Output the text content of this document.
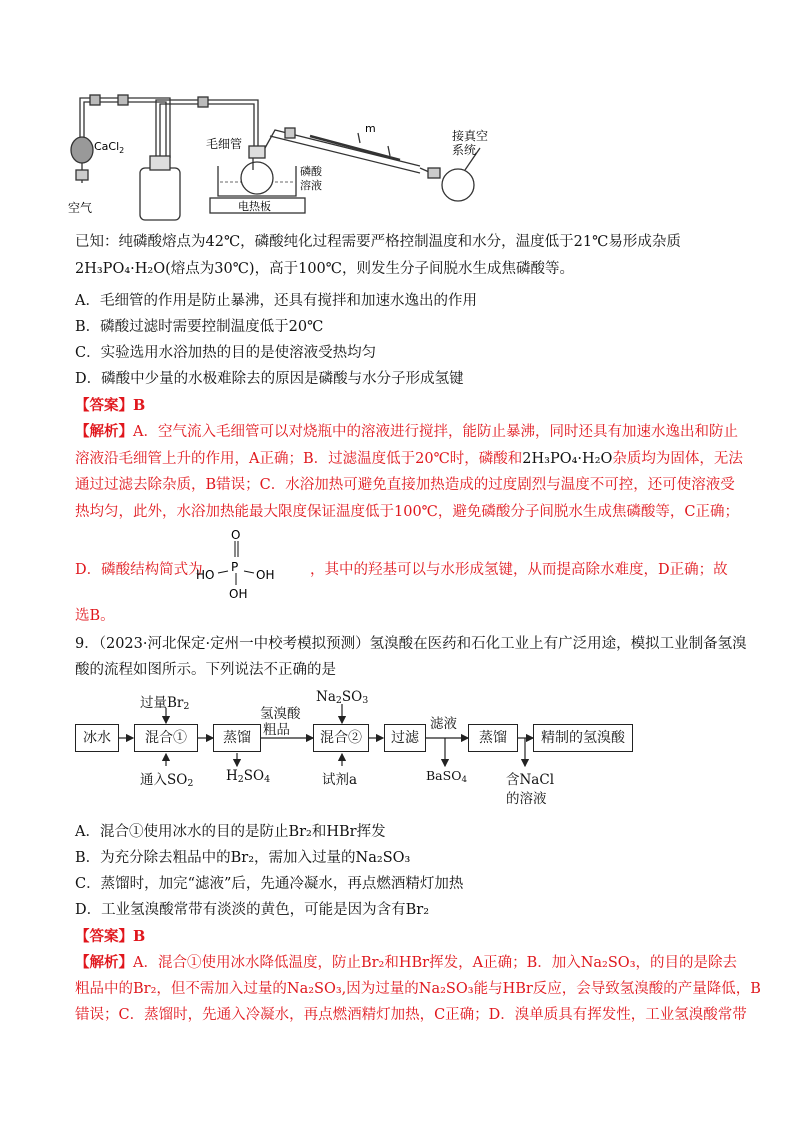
CaCl$_2$
空气
毛细管
m
接真空
系统
磷酸
溶液
电热板
已知：纯磷酸熔点为42℃，磷酸纯化过程需要严格控制温度和水分，温度低于21℃易形成杂质
2H₃PO₄·H₂O(熔点为30℃)，高于100℃，则发生分子间脱水生成焦磷酸等。
A．毛细管的作用是防止暴沸，还具有搅拌和加速水逸出的作用
B．磷酸过滤时需要控制温度低于20℃
C．实验选用水浴加热的目的是使溶液受热均匀
D．磷酸中少量的水极难除去的原因是磷酸与水分子形成氢键
【答案】B
【解析】A．空气流入毛细管可以对烧瓶中的溶液进行搅拌，能防止暴沸，同时还具有加速水逸出和防止
溶液沿毛细管上升的作用，A正确；B．过滤温度低于20℃时，磷酸和2H₃PO₄·H₂O杂质均为固体，无法
通过过滤去除杂质，B错误；C．水浴加热可避免直接加热造成的过度剧烈与温度不可控，还可使溶液受
热均匀，此外，水浴加热能最大限度保证温度低于100℃，避免磷酸分子间脱水生成焦磷酸等，C正确；
D．磷酸结构简式为
O
P
HO	OH
OH
，其中的羟基可以与水形成氢键，从而提高除水难度，D正确；故
选B。
9．（2023·河北保定·定州一中校考模拟预测）氢溴酸在医药和石化工业上有广泛用途，模拟工业制备氢溴
酸的流程如图所示。下列说法不正确的是
冰水	混合①	蒸馏	混合②	过滤	蒸馏	精制的氢溴酸
过量$Br_2$	氢溴酸
粗品
$Na_2SO_3$
滤液
通入$SO_2$ $H_2SO_4$	试剂a	BaSO$_4$	含NaCl
的溶液
A．混合①使用冰水的目的是防止Br₂和HBr挥发
B．为充分除去粗品中的Br₂，需加入过量的Na₂SO₃
C．蒸馏时，加完“滤液”后，先通冷凝水，再点燃酒精灯加热
D．工业氢溴酸常带有淡淡的黄色，可能是因为含有Br₂
【答案】B
【解析】A．混合①使用冰水降低温度，防止Br₂和HBr挥发，A正确；B．加入Na₂SO₃，的目的是除去
粗品中的Br₂，但不需加入过量的Na₂SO₃,因为过量的Na₂SO₃能与HBr反应，会导致氢溴酸的产量降低，B
错误；C．蒸馏时，先通入冷凝水，再点燃酒精灯加热，C正确；D．溴单质具有挥发性，工业氢溴酸常带
